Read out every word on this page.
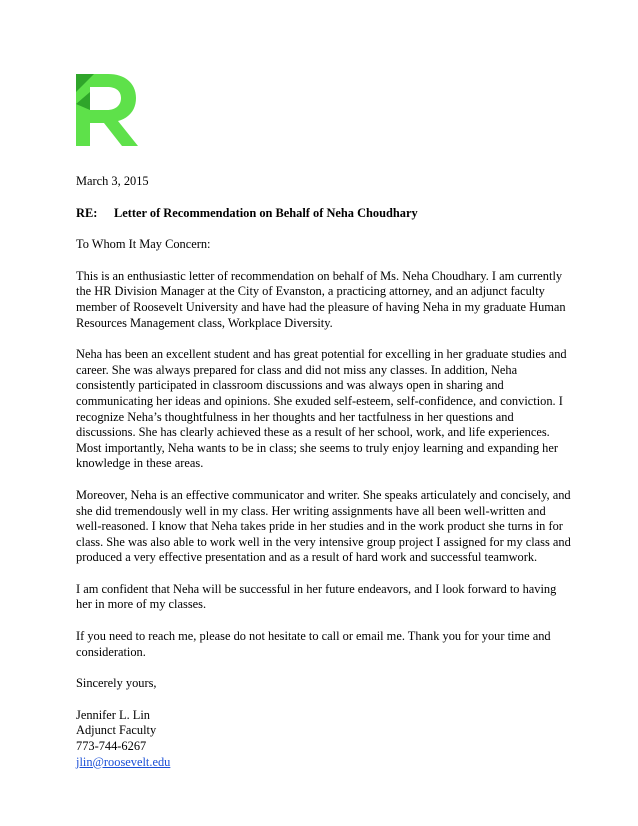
March 3, 2015

RE: Letter of Recommendation on Behalf of Neha Choudhary

To Whom It May Concern:

This is an enthusiastic letter of recommendation on behalf of Ms. Neha Choudhary. I am currently the HR Division Manager at the City of Evanston, a practicing attorney, and an adjunct faculty member of Roosevelt University and have had the pleasure of having Neha in my graduate Human Resources Management class, Workplace Diversity.

Neha has been an excellent student and has great potential for excelling in her graduate studies and career. She was always prepared for class and did not miss any classes. In addition, Neha consistently participated in classroom discussions and was always open in sharing and communicating her ideas and opinions. She exuded self-esteem, self-confidence, and conviction. I recognize Neha’s thoughtfulness in her thoughts and her tactfulness in her questions and discussions. She has clearly achieved these as a result of her school, work, and life experiences. Most importantly, Neha wants to be in class; she seems to truly enjoy learning and expanding her knowledge in these areas.

Moreover, Neha is an effective communicator and writer. She speaks articulately and concisely, and she did tremendously well in my class. Her writing assignments have all been well-written and well-reasoned. I know that Neha takes pride in her studies and in the work product she turns in for class. She was also able to work well in the very intensive group project I assigned for my class and produced a very effective presentation and as a result of hard work and successful teamwork.

I am confident that Neha will be successful in her future endeavors, and I look forward to having her in more of my classes.

If you need to reach me, please do not hesitate to call or email me. Thank you for your time and consideration.

Sincerely yours,

Jennifer L. Lin

Adjunct Faculty

773-744-6267

jlin@roosevelt.edu
